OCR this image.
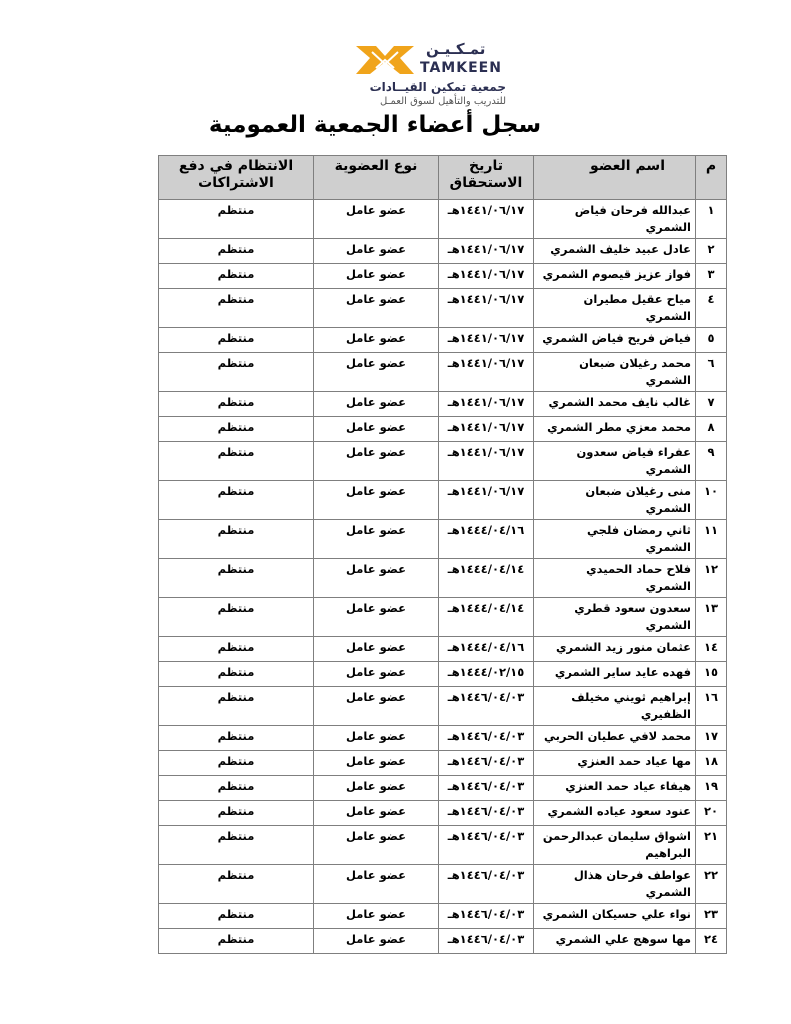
تمـكـيـن
TAMKEEN
جمعية تمكين القيــادات
للتدريب والتأهيل لسوق العمـل
سجل أعضاء الجمعية العمومية
م	اسم العضو	تاريخ الاستحقاق	نوع العضوية	الانتظام في دفع الاشتراكات
١	عبدالله فرحان فياض الشمري	١٤٤١/٠٦/١٧هـ	عضو عامل	منتظم
٢	عادل عبيد خليف الشمري	١٤٤١/٠٦/١٧هـ	عضو عامل	منتظم
٣	فواز عزيز قيصوم الشمري	١٤٤١/٠٦/١٧هـ	عضو عامل	منتظم
٤	مياح عقيل مطيران الشمري	١٤٤١/٠٦/١٧هـ	عضو عامل	منتظم
٥	فياض فريح فياض الشمري	١٤٤١/٠٦/١٧هـ	عضو عامل	منتظم
٦	محمد رغيلان ضبعان الشمري	١٤٤١/٠٦/١٧هـ	عضو عامل	منتظم
٧	غالب نايف محمد الشمري	١٤٤١/٠٦/١٧هـ	عضو عامل	منتظم
٨	محمد معزي مطر الشمري	١٤٤١/٠٦/١٧هـ	عضو عامل	منتظم
٩	عفراء فياض سعدون الشمري	١٤٤١/٠٦/١٧هـ	عضو عامل	منتظم
١٠	منى رغيلان ضبعان الشمري	١٤٤١/٠٦/١٧هـ	عضو عامل	منتظم
١١	ثاني رمضان فلجي الشمري	١٤٤٤/٠٤/١٦هـ	عضو عامل	منتظم
١٢	فلاح حماد الحميدي الشمري	١٤٤٤/٠٤/١٤هـ	عضو عامل	منتظم
١٣	سعدون سعود قطري الشمري	١٤٤٤/٠٤/١٤هـ	عضو عامل	منتظم
١٤	عثمان منور زيد الشمري	١٤٤٤/٠٤/١٦هـ	عضو عامل	منتظم
١٥	فهده عايد ساير الشمري	١٤٤٤/٠٢/١٥هـ	عضو عامل	منتظم
١٦	إبراهيم ثويني مخيلف الظفيري	١٤٤٦/٠٤/٠٣هـ	عضو عامل	منتظم
١٧	محمد لافي عطيان الحربي	١٤٤٦/٠٤/٠٣هـ	عضو عامل	منتظم
١٨	مها عياد حمد العنزي	١٤٤٦/٠٤/٠٣هـ	عضو عامل	منتظم
١٩	هيفاء عياد حمد العنزي	١٤٤٦/٠٤/٠٣هـ	عضو عامل	منتظم
٢٠	عنود سعود عياده الشمري	١٤٤٦/٠٤/٠٣هـ	عضو عامل	منتظم
٢١	اشواق سليمان عبدالرحمن البراهيم	١٤٤٦/٠٤/٠٣هـ	عضو عامل	منتظم
٢٢	عواطف فرحان هذال الشمري	١٤٤٦/٠٤/٠٣هـ	عضو عامل	منتظم
٢٣	نواء علي حسيكان الشمري	١٤٤٦/٠٤/٠٣هـ	عضو عامل	منتظم
٢٤	مها سوهج علي الشمري	١٤٤٦/٠٤/٠٣هـ	عضو عامل	منتظم
